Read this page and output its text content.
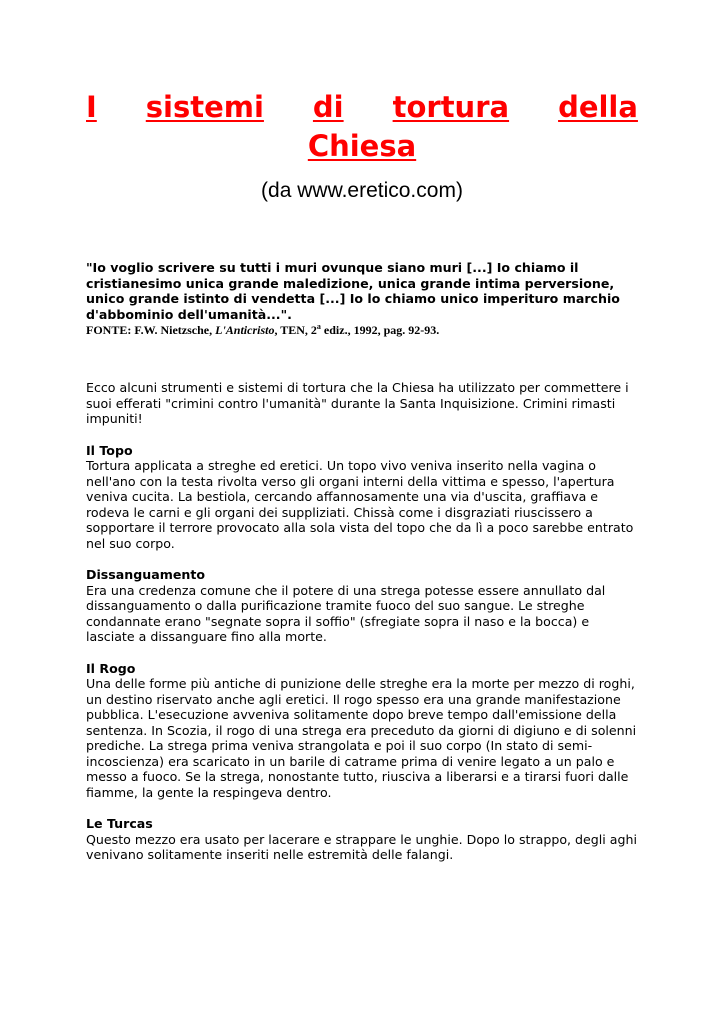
I sistemi di tortura della
Chiesa

(da www.eretico.com)

"Io voglio scrivere su tutti i muri ovunque siano muri [...] Io chiamo il cristianesimo unica grande maledizione, unica grande intima perversione, unico grande istinto di vendetta [...] Io lo chiamo unico imperituro marchio d'abbominio dell'umanità...".

FONTE: F.W. Nietzsche, L'Anticristo, TEN, 2$^a$ ediz., 1992, pag. 92-93.

Ecco alcuni strumenti e sistemi di tortura che la Chiesa ha utilizzato per commettere i suoi efferati "crimini contro l'umanità" durante la Santa Inquisizione. Crimini rimasti impuniti!

Il Topo

Tortura applicata a streghe ed eretici. Un topo vivo veniva inserito nella vagina o nell'ano con la testa rivolta verso gli organi interni della vittima e spesso, l'apertura veniva cucita. La bestiola, cercando affannosamente una via d'uscita, graffiava e rodeva le carni e gli organi dei suppliziati. Chissà come i disgraziati riuscissero a sopportare il terrore provocato alla sola vista del topo che da lì a poco sarebbe entrato nel suo corpo.

Dissanguamento

Era una credenza comune che il potere di una strega potesse essere annullato dal dissanguamento o dalla purificazione tramite fuoco del suo sangue. Le streghe condannate erano "segnate sopra il soffio" (sfregiate sopra il naso e la bocca) e lasciate a dissanguare fino alla morte.

Il Rogo

Una delle forme più antiche di punizione delle streghe era la morte per mezzo di roghi, un destino riservato anche agli eretici. Il rogo spesso era una grande manifestazione pubblica. L'esecuzione avveniva solitamente dopo breve tempo dall'emissione della sentenza. In Scozia, il rogo di una strega era preceduto da giorni di digiuno e di solenni prediche. La strega prima veniva strangolata e poi il suo corpo (In stato di semi-incoscienza) era scaricato in un barile di catrame prima di venire legato a un palo e messo a fuoco. Se la strega, nonostante tutto, riusciva a liberarsi e a tirarsi fuori dalle fiamme, la gente la respingeva dentro.

Le Turcas

Questo mezzo era usato per lacerare e strappare le unghie. Dopo lo strappo, degli aghi venivano solitamente inseriti nelle estremità delle falangi.
